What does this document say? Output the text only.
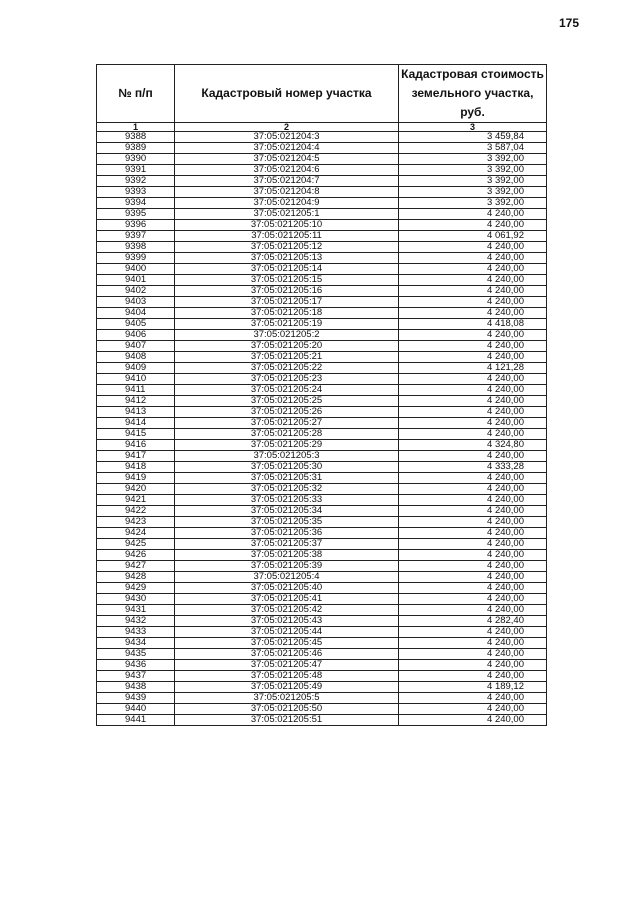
175
№ п/п	Кадастровый номер участка	Кадастровая стоимость земельного участка, руб.
1	2	3
9388	37:05:021204:3	3 459,84
9389	37:05:021204:4	3 587,04
9390	37:05:021204:5	3 392,00
9391	37:05:021204:6	3 392,00
9392	37:05:021204:7	3 392,00
9393	37:05:021204:8	3 392,00
9394	37:05:021204:9	3 392,00
9395	37:05:021205:1	4 240,00
9396	37:05:021205:10	4 240,00
9397	37:05:021205:11	4 061,92
9398	37:05:021205:12	4 240,00
9399	37:05:021205:13	4 240,00
9400	37:05:021205:14	4 240,00
9401	37:05:021205:15	4 240,00
9402	37:05:021205:16	4 240,00
9403	37:05:021205:17	4 240,00
9404	37:05:021205:18	4 240,00
9405	37:05:021205:19	4 418,08
9406	37:05:021205:2	4 240,00
9407	37:05:021205:20	4 240,00
9408	37:05:021205:21	4 240,00
9409	37:05:021205:22	4 121,28
9410	37:05:021205:23	4 240,00
9411	37:05:021205:24	4 240,00
9412	37:05:021205:25	4 240,00
9413	37:05:021205:26	4 240,00
9414	37:05:021205:27	4 240,00
9415	37:05:021205:28	4 240,00
9416	37:05:021205:29	4 324,80
9417	37:05:021205:3	4 240,00
9418	37:05:021205:30	4 333,28
9419	37:05:021205:31	4 240,00
9420	37:05:021205:32	4 240,00
9421	37:05:021205:33	4 240,00
9422	37:05:021205:34	4 240,00
9423	37:05:021205:35	4 240,00
9424	37:05:021205:36	4 240,00
9425	37:05:021205:37	4 240,00
9426	37:05:021205:38	4 240,00
9427	37:05:021205:39	4 240,00
9428	37:05:021205:4	4 240,00
9429	37:05:021205:40	4 240,00
9430	37:05:021205:41	4 240,00
9431	37:05:021205:42	4 240,00
9432	37:05:021205:43	4 282,40
9433	37:05:021205:44	4 240,00
9434	37:05:021205:45	4 240,00
9435	37:05:021205:46	4 240,00
9436	37:05:021205:47	4 240,00
9437	37:05:021205:48	4 240,00
9438	37:05:021205:49	4 189,12
9439	37:05:021205:5	4 240,00
9440	37:05:021205:50	4 240,00
9441	37:05:021205:51	4 240,00
